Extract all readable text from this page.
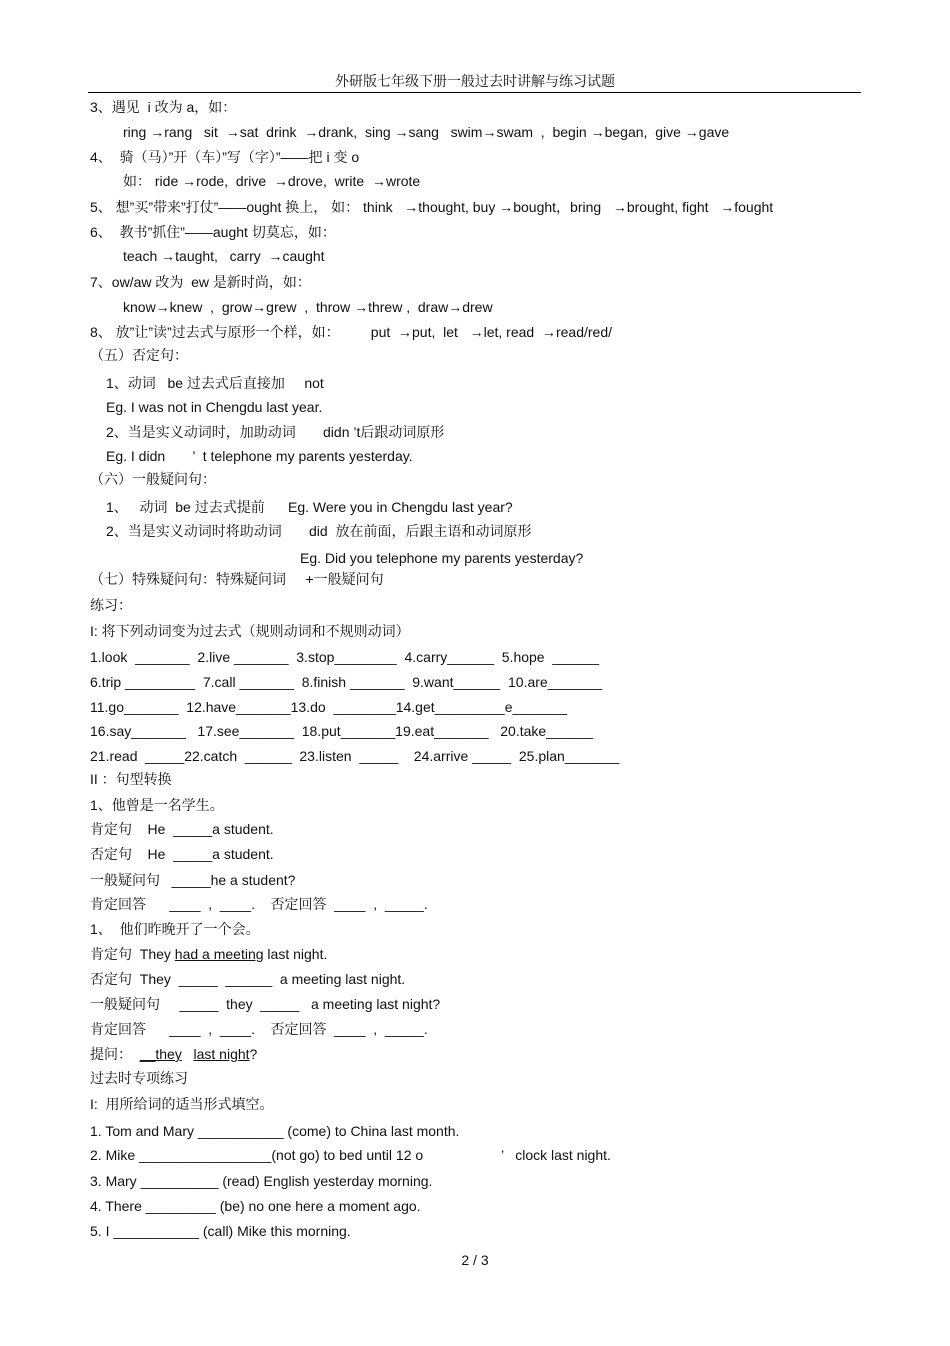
外研版七年级下册一般过去时讲解与练习试题
3、遇见  i 改为 a，如：
ring →rang   sit  →sat  drink  →drank,  sing →sang   swim→swam  ,  begin →began,  give →gave
4、  骑（马）”开（车）”写（字）”——把 i 变 o
如： ride →rode,  drive  →drove,  write  →wrote
5、 想”买”带来”打仗”——ought 换上， 如： think   →thought, buy →bought，bring   →brought, fight   →fought
6、  教书”抓住”——aught 切莫忘，如：
teach →taught,   carry  →caught
7、ow/aw 改为  ew 是新时尚，如：
know→knew  ,  grow→grew  ,  throw →threw ,  draw→drew
8、 放”让”读”过去式与原形一个样，如：        put  →put,  let   →let, read  →read/red/
（五）否定句：
1、动词   be 过去式后直接加     not
Eg. I was not in Chengdu last year.
2、当是实义动词时，加助动词       didn ’t后跟动词原形
Eg. I didn       ’  t telephone my parents yesterday.
（六）一般疑问句：
1、   动词  be 过去式提前      Eg. Were you in Chengdu last year?
2、当是实义动词时将助动词       did  放在前面，后跟主语和动词原形
Eg. Did you telephone my parents yesterday?
（七）特殊疑问句：特殊疑问词     +一般疑问句
练习：
I: 将下列动词变为过去式（规则动词和不规则动词）
1.look  _______  2.live _______  3.stop________  4.carry______  5.hope  ______
6.trip _________  7.call _______  8.finish _______  9.want______  10.are_______
11.go_______  12.have_______13.do  ________14.get_________e_______
16.say_______   17.see_______  18.put_______19.eat_______   20.take______
21.read  _____22.catch  ______  23.listen  _____    24.arrive _____  25.plan_______
II ：句型转换
1、他曾是一名学生。
肯定句    He  _____a student.
否定句    He  _____a student.
一般疑问句   _____he a student?
肯定回答      ____  ,  ____.    否定回答  ____  ,  _____.
1、  他们昨晚开了一个会。
肯定句  They had a meeting last night.
否定句  They  _____  ______  a meeting last night.
一般疑问句     _____  they  _____   a meeting last night?
肯定回答      ____  ,  ____.    否定回答  ____  ,  _____.
提问：  __they last night?
过去时专项练习
I:  用所给词的适当形式填空。
1. Tom and Mary ___________ (come) to China last month.
2. Mike _________________(not go) to bed until 12 o                    ’   clock last night.
3. Mary __________ (read) English yesterday morning.
4. There _________ (be) no one here a moment ago.
5. I ___________ (call) Mike this morning.
2 / 3
